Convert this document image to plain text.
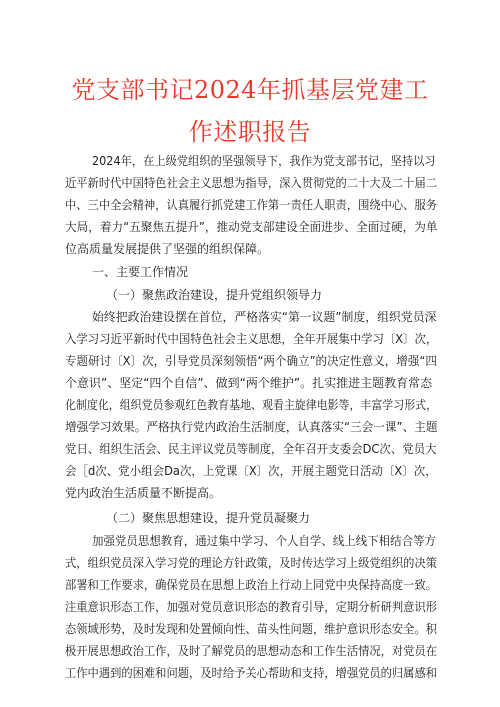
党支部书记2024年抓基层党建工
作述职报告
2024年，在上级党组织的坚强领导下，我作为党支部书记，坚持以习
近平新时代中国特色社会主义思想为指导，深入贯彻党的二十大及二十届二
中、三中全会精神，认真履行抓党建工作第一责任人职责，围绕中心、服务
大局，着力“五聚焦五提升”，推动党支部建设全面进步、全面过硬，为单
位高质量发展提供了坚强的组织保障。
一、主要工作情况
（一）聚焦政治建设，提升党组织领导力
始终把政治建设摆在首位，严格落实“第一议题”制度，组织党员深
入学习习近平新时代中国特色社会主义思想，全年开展集中学习〔X〕次，
专题研讨〔X〕次，引导党员深刻领悟“两个确立”的决定性意义，增强“四
个意识”、坚定“四个自信”、做到“两个维护”。扎实推进主题教育常态
化制度化，组织党员参观红色教育基地、观看主旋律电影等，丰富学习形式，
增强学习效果。严格执行党内政治生活制度，认真落实“三会一课”、主题
党日、组织生活会、民主评议党员等制度，全年召开支委会DC次、党员大
会［d次、党小组会Da次，上党课〔X〕次，开展主题党日活动〔X〕次，
党内政治生活质量不断提高。
（二）聚焦思想建设，提升党员凝聚力
加强党员思想教育，通过集中学习、个人自学、线上线下相结合等方
式，组织党员深入学习党的理论方针政策，及时传达学习上级党组织的决策
部署和工作要求，确保党员在思想上政治上行动上同党中央保持高度一致。
注重意识形态工作，加强对党员意识形态的教育引导，定期分析研判意识形
态领域形势，及时发现和处置倾向性、苗头性问题，维护意识形态安全。积
极开展思想政治工作，及时了解党员的思想动态和工作生活情况，对党员在
工作中遇到的困难和问题，及时给予关心帮助和支持，增强党员的归属感和
